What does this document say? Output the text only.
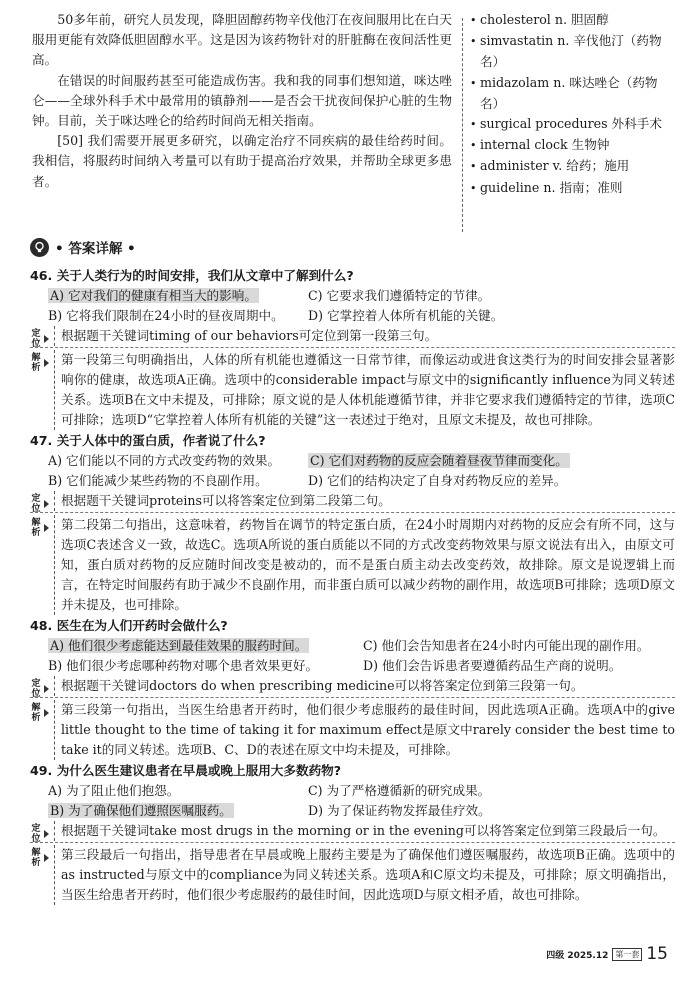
50多年前，研究人员发现，降胆固醇药物辛伐他汀在夜间服用比在白天服用更能有效降低胆固醇水平。这是因为该药物针对的肝脏酶在夜间活性更高。

在错误的时间服药甚至可能造成伤害。我和我的同事们想知道，咪达唑仑——全球外科手术中最常用的镇静剂——是否会干扰夜间保护心脏的生物钟。目前，关于咪达唑仑的给药时间尚无相关指南。

[50] 我们需要开展更多研究，以确定治疗不同疾病的最佳给药时间。我相信，将服药时间纳入考量可以有助于提高治疗效果，并帮助全球更多患者。

• cholesterol n. 胆固醇
• simvastatin n. 辛伐他汀（药物名）
• midazolam n. 咪达唑仑（药物名）
• surgical procedures 外科手术
• internal clock 生物钟
• administer v. 给药；施用
• guideline n. 指南；准则
• 答案详解 •
46. 关于人类行为的时间安排，我们从文章中了解到什么?
A) 它对我们的健康有相当大的影响。	C) 它要求我们遵循特定的节律。
B) 它将我们限制在24小时的昼夜周期中。	D) 它掌控着人体所有机能的关键。
定位
根据题干关键词timing of our behaviors可定位到第一段第三句。
解析
第一段第三句明确指出，人体的所有机能也遵循这一日常节律，而像运动或进食这类行为的时间安排会显著影响你的健康，故选项A正确。选项中的considerable impact与原文中的significantly influence为同义转述关系。选项B在文中未提及，可排除；原文说的是人体机能遵循节律，并非它要求我们遵循特定的节律，选项C可排除；选项D“它掌控着人体所有机能的关键”这一表述过于绝对，且原文未提及，故也可排除。
47. 关于人体中的蛋白质，作者说了什么?
A) 它们能以不同的方式改变药物的效果。	C) 它们对药物的反应会随着昼夜节律而变化。
B) 它们能减少某些药物的不良副作用。	D) 它们的结构决定了自身对药物反应的差异。
定位
根据题干关键词proteins可以将答案定位到第二段第二句。
解析
第二段第二句指出，这意味着，药物旨在调节的特定蛋白质，在24小时周期内对药物的反应会有所不同，这与选项C表述含义一致，故选C。选项A所说的蛋白质能以不同的方式改变药物效果与原文说法有出入，由原文可知，蛋白质对药物的反应随时间改变是被动的，而不是蛋白质主动去改变药效，故排除。原文是说逻辑上而言，在特定时间服药有助于减少不良副作用，而非蛋白质可以减少药物的副作用，故选项B可排除；选项D原文并未提及，也可排除。
48. 医生在为人们开药时会做什么?
A) 他们很少考虑能达到最佳效果的服药时间。	C) 他们会告知患者在24小时内可能出现的副作用。
B) 他们很少考虑哪种药物对哪个患者效果更好。	D) 他们会告诉患者要遵循药品生产商的说明。
定位
根据题干关键词doctors do when prescribing medicine可以将答案定位到第三段第一句。
解析
第三段第一句指出，当医生给患者开药时，他们很少考虑服药的最佳时间，因此选项A正确。选项A中的give little thought to the time of taking it for maximum effect是原文中rarely consider the best time to take it的同义转述。选项B、C、D的表述在原文中均未提及，可排除。
49. 为什么医生建议患者在早晨或晚上服用大多数药物?
A) 为了阻止他们抱怨。	C) 为了严格遵循新的研究成果。
B) 为了确保他们遵照医嘱服药。	D) 为了保证药物发挥最佳疗效。
定位
根据题干关键词take most drugs in the morning or in the evening可以将答案定位到第三段最后一句。
解析
第三段最后一句指出，指导患者在早晨或晚上服药主要是为了确保他们遵医嘱服药，故选项B正确。选项中的 as instructed与原文中的compliance为同义转述关系。选项A和C原文均未提及，可排除；原文明确指出，当医生给患者开药时，他们很少考虑服药的最佳时间，因此选项D与原文相矛盾，故也可排除。
四级 2025.12 第一套 15
